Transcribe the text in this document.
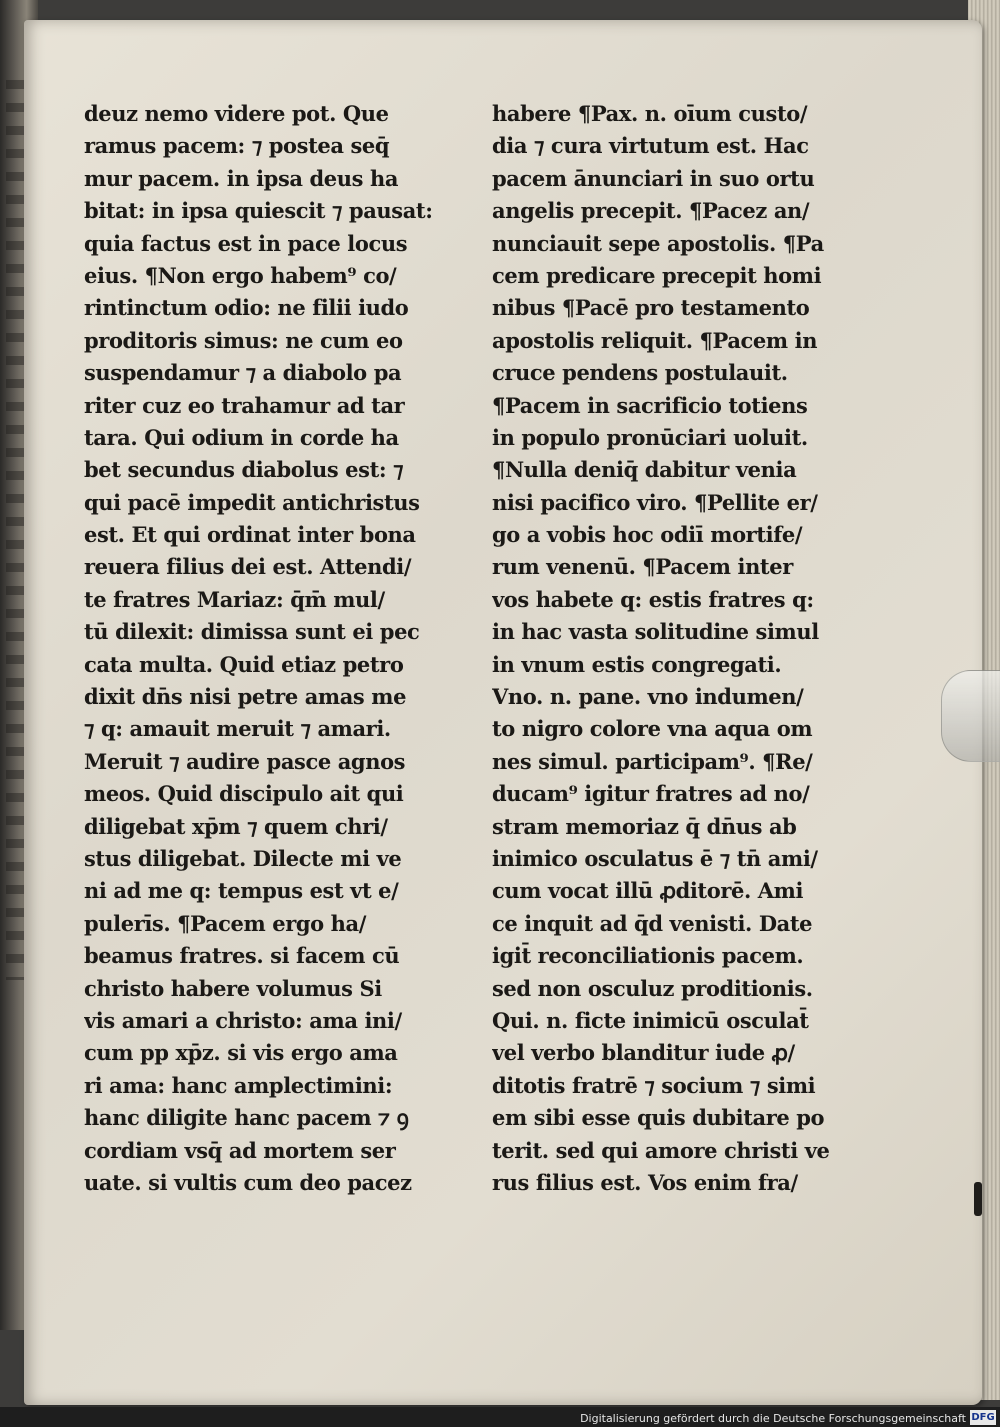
deuz nemo videre pot. Que
ramus pacem: ⁊ postea seq̄
mur pacem. in ipsa deus ha
bitat: in ipsa quiescit ⁊ pausat:
quia factus est in pace locus
eius. ¶Non ergo habem⁹ co/
rintinctum odio: ne filii iudo
proditoris simus: ne cum eo
suspendamur ⁊ a diabolo pa
riter cuz eo trahamur ad tar
tara. Qui odium in corde ha
bet secundus diabolus est: ⁊
qui pacē impedit antichristus
est. Et qui ordinat inter bona
reuera filius dei est. Attendi/
te fratres Mariaz: q̄m̄ mul/
tū dilexit: dimissa sunt ei pec
cata multa. Quid etiaz petro
dixit dn̄s nisi petre amas me
⁊ q: amauit meruit ⁊ amari.
Meruit ⁊ audire pasce agnos
meos. Quid discipulo ait qui
diligebat xp̄m ⁊ quem chri/
stus diligebat. Dilecte mi ve
ni ad me q: tempus est vt e/
pulerīs. ¶Pacem ergo ha/
beamus fratres. si facem cū
christo habere volumus Si
vis amari a christo: ama ini/
cum pp xp̄z. si vis ergo ama
ri ama: hanc amplectimini:
hanc diligite hanc pacem ⁊ ꝯ
cordiam vsq̄ ad mortem ser
uate. si vultis cum deo pacez
habere ¶Pax. n. oīum custo/
dia ⁊ cura virtutum est. Hac
pacem ānunciari in suo ortu
angelis precepit. ¶Pacez an/
nunciauit sepe apostolis. ¶Pa
cem predicare precepit homi
nibus ¶Pacē pro testamento
apostolis reliquit. ¶Pacem in
cruce pendens postulauit.
¶Pacem in sacrificio totiens
in populo pronūciari uoluit.
¶Nulla deniq̄ dabitur venia
nisi pacifico viro. ¶Pellite er/
go a vobis hoc odiī mortife/
rum venenū. ¶Pacem inter
vos habete q: estis fratres q:
in hac vasta solitudine simul
in vnum estis congregati.
Vno. n. pane. vno indumen/
to nigro colore vna aqua om
nes simul. participam⁹. ¶Re/
ducam⁹ igitur fratres ad no/
stram memoriaz q̄ dn̄us ab
inimico osculatus ē ⁊ tn̄ ami/
cum vocat illū ꝓditorē. Ami
ce inquit ad q̄d venisti. Date
igit̄ reconciliationis pacem.
sed non osculuz proditionis.
Qui. n. ficte inimicū osculat̄
vel verbo blanditur iude ꝓ/
ditotis fratrē ⁊ socium ⁊ simi
em sibi esse quis dubitare po
terit. sed qui amore christi ve
rus filius est. Vos enim fra/
Digitalisierung gefördert durch die Deutsche Forschungsgemeinschaft DFG
